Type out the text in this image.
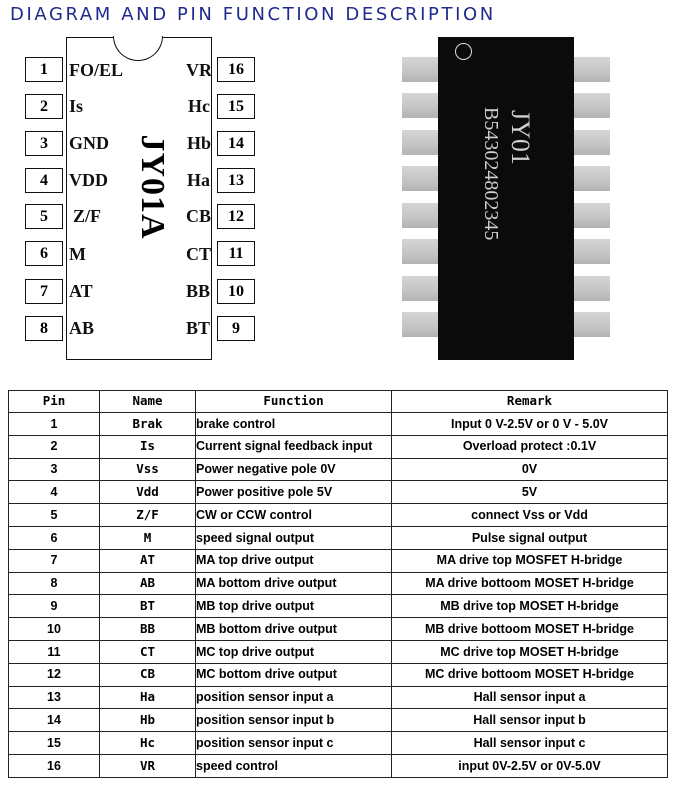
DIAGRAM AND PIN FUNCTION DESCRIPTION
1
2
3
4
5
6
7
8
FO/EL
Is
GND
VDD
Z/F
M
AT
AB
16
15
14
13
12
11
10
9
VR
Hc
Hb
Ha
CB
CT
BB
BT
JY01A	JY01
B543024802345
Pin	Name	Function	Remark
1	Brak	brake control	Input 0 V-2.5V or 0 V - 5.0V
2	Is	Current signal feedback input	Overload protect :0.1V
3	Vss	Power negative pole 0V	0V
4	Vdd	Power positive pole 5V	5V
5	Z/F	CW or CCW control	connect Vss or Vdd
6	M	speed signal output	Pulse signal output
7	AT	MA top drive output	MA drive top MOSFET H-bridge
8	AB	MA bottom drive output	MA drive bottoom MOSET H-bridge
9	BT	MB top drive output	MB drive top MOSET H-bridge
10	BB	MB bottom drive output	MB drive bottoom MOSET H-bridge
11	CT	MC top drive output	MC drive top MOSET H-bridge
12	CB	MC bottom drive output	MC drive bottoom MOSET H-bridge
13	Ha	position sensor input a	Hall sensor input a
14	Hb	position sensor input b	Hall sensor input b
15	Hc	position sensor input c	Hall sensor input c
16	VR	speed control	input 0V-2.5V or 0V-5.0V
